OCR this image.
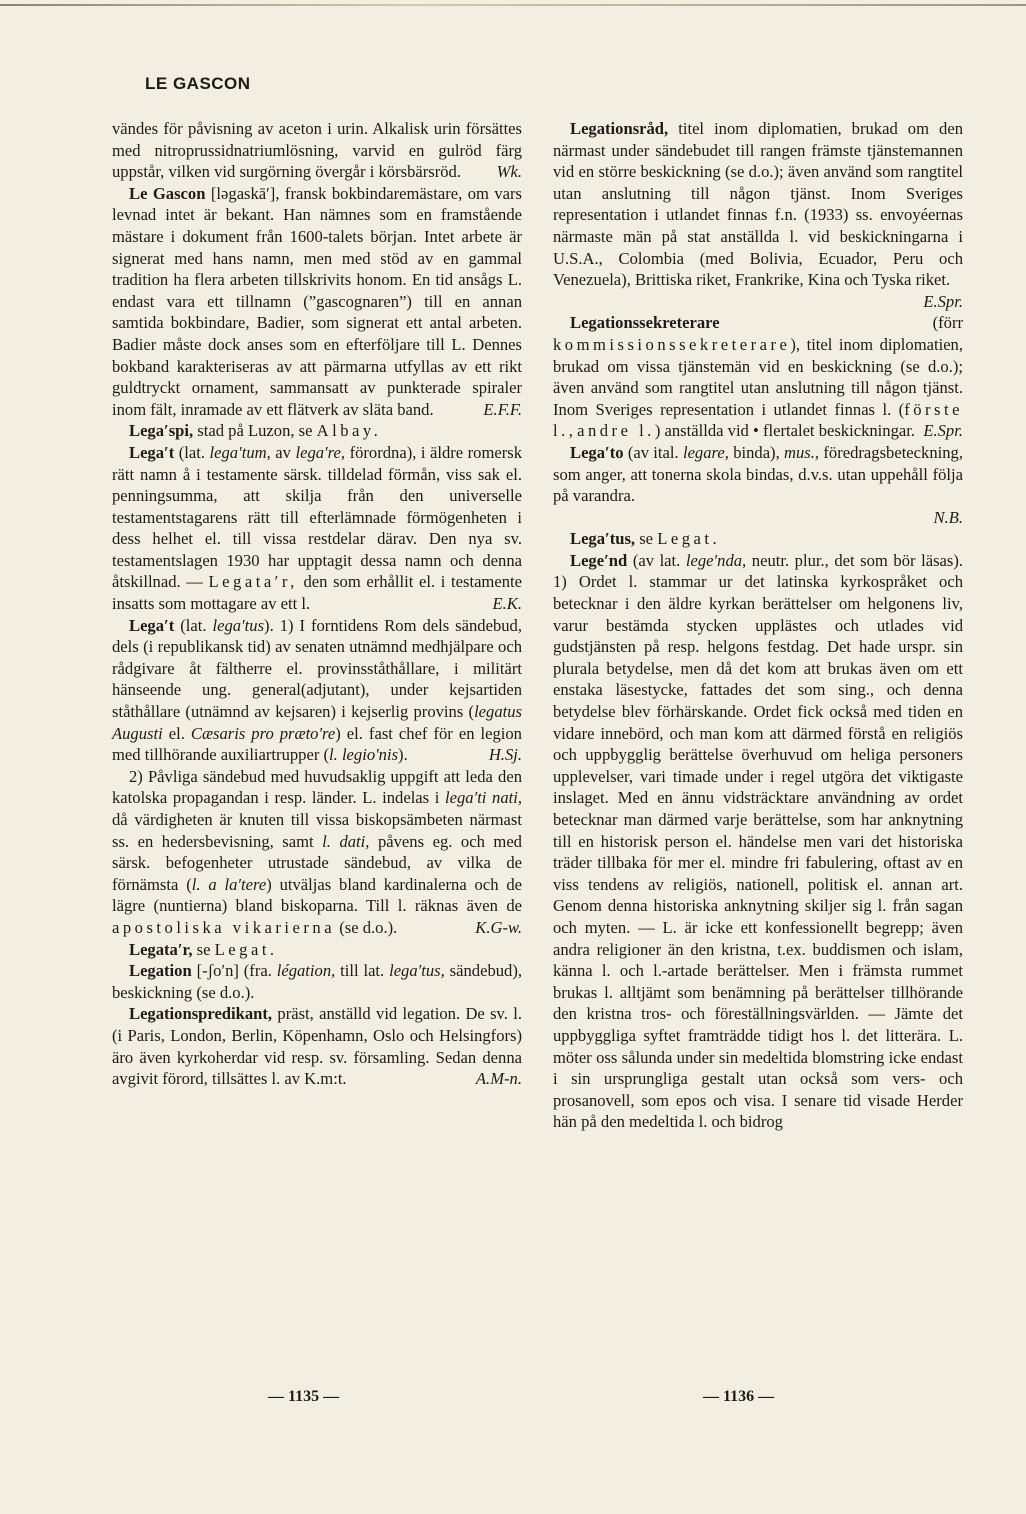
LE GASCON

vändes för påvisning av aceton i urin. Alkalisk urin försättes med nitroprussidnatriumlösning, varvid en gulröd färg uppstår, vilken vid surgörning övergår i körsbärsröd. Wk.

Le Gascon [ləgaskā′], fransk bokbindaremästare, om vars levnad intet är bekant. Han nämnes som en framstående mästare i dokument från 1600-talets början. Intet arbete är signerat med hans namn, men med stöd av en gammal tradition ha flera arbeten tillskrivits honom. En tid ansågs L. endast vara ett tillnamn (”gascognaren”) till en annan samtida bokbindare, Badier, som signerat ett antal arbeten. Badier måste dock anses som en efterföljare till L. Dennes bokband karakteriseras av att pärmarna utfyllas av ett rikt guldtryckt ornament, sammansatt av punkterade spiraler inom fält, inramade av ett flätverk av släta band.	E.F.F.

Lega′spi, stad på Luzon, se Albay.

Lega′t (lat. lega′tum, av lega′re, förordna), i äldre romersk rätt namn å i testamente särsk. tilldelad förmån, viss sak el. penningsumma, att skilja från den universelle testamentstagarens rätt till efterlämnade förmögenheten i dess helhet el. till vissa restdelar därav. Den nya sv. testamentslagen 1930 har upptagit dessa namn och denna åtskillnad. — Legata′r, den som erhållit el. i testamente insatts som mottagare av ett l.	E.K.

Lega′t (lat. lega′tus). 1) I forntidens Rom dels sändebud, dels (i republikansk tid) av senaten utnämnd medhjälpare och rådgivare åt fältherre el. provinsståthållare, i militärt hänseende ung. general(adjutant), under kejsartiden ståthållare (utnämnd av kejsaren) i kejserlig provins (legatus Augusti el. Cæsaris pro prætoʹre) el. fast chef för en legion med tillhörande auxiliartrupper (l. legioʹnis).	H.Sj.

2) Påvliga sändebud med huvudsaklig uppgift att leda den katolska propagandan i resp. länder. L. indelas i lega′ti nati, då värdigheten är knuten till vissa biskopsämbeten närmast ss. en hedersbevisning, samt l. dati, påvens eg. och med särsk. befogenheter utrustade sändebud, av vilka de förnämsta (l. a la′tere) utväljas bland kardinalerna och de lägre (nuntierna) bland biskoparna. Till l. räknas även de apostoliska vikarierna (se d.o.).	K.G-w.

Legata′r, se Legat.

Legation [-ʃo′n] (fra. légation, till lat. lega′tus, sändebud), beskickning (se d.o.).

Legationspredikant, präst, anställd vid legation. De sv. l. (i Paris, London, Berlin, Köpenhamn, Oslo och Helsingfors) äro även kyrkoherdar vid resp. sv. församling. Sedan denna avgivit förord, tillsättes l. av K.m:t.	A.M-n.

Legationsråd, titel inom diplomatien, brukad om den närmast under sändebudet till rangen främste tjänstemannen vid en större beskickning (se d.o.); även använd som rangtitel utan anslutning till någon tjänst. Inom Sveriges representation i utlandet finnas f.n. (1933) ss. envoyéernas närmaste män på stat anställda l. vid beskickningarna i U.S.A., Colombia (med Bolivia, Ecuador, Peru och Venezuela), Brittiska riket, Frankrike, Kina och Tyska riket.

E.Spr.

Legationssekreterare	(förr kommissionssekreterare), titel inom diplomatien, brukad om vissa tjänstemän vid en beskickning (se d.o.); även använd som rangtitel utan anslutning till någon tjänst. Inom Sveriges representation i utlandet finnas l. (förste l., andre l.) anställda vid • flertalet beskickningar. E.Spr.

Lega′to (av ital. legare, binda), mus., föredragsbeteckning, som anger, att tonerna skola bindas, d.v.s. utan uppehåll följa på varandra.

N.B.

Lega′tus, se Legat.

Lege′nd (av lat. lege′nda, neutr. plur., det som bör läsas). 1) Ordet l. stammar ur det latinska kyrkospråket och betecknar i den äldre kyrkan berättelser om helgonens liv, varur bestämda stycken upplästes och utlades vid gudstjänsten på resp. helgons festdag. Det hade urspr. sin plurala betydelse, men då det kom att brukas även om ett enstaka läsestycke, fattades det som sing., och denna betydelse blev förhärskande. Ordet fick också med tiden en vidare innebörd, och man kom att därmed förstå en religiös och uppbygglig berättelse överhuvud om heliga personers upplevelser, vari timade under i regel utgöra det viktigaste inslaget. Med en ännu vidsträcktare användning av ordet betecknar man därmed varje berättelse, som har anknytning till en historisk person el. händelse men vari det historiska träder tillbaka för mer el. mindre fri fabulering, oftast av en viss tendens av religiös, nationell, politisk el. annan art. Genom denna historiska anknytning skiljer sig l. från sagan och myten. — L. är icke ett konfessionellt begrepp; även andra religioner än den kristna, t.ex. buddismen och islam, känna l. och l.-artade berättelser. Men i främsta rummet brukas l. alltjämt som benämning på berättelser tillhörande den kristna tros- och föreställningsvärlden. — Jämte det uppbyggliga syftet framträdde tidigt hos l. det litterära. L. möter oss sålunda under sin medeltida blomstring icke endast i sin ursprungliga gestalt utan också som vers- och prosanovell, som epos och visa. I senare tid visade Herder hän på den medeltida l. och bidrog

— 1135 —	— 1136 —
